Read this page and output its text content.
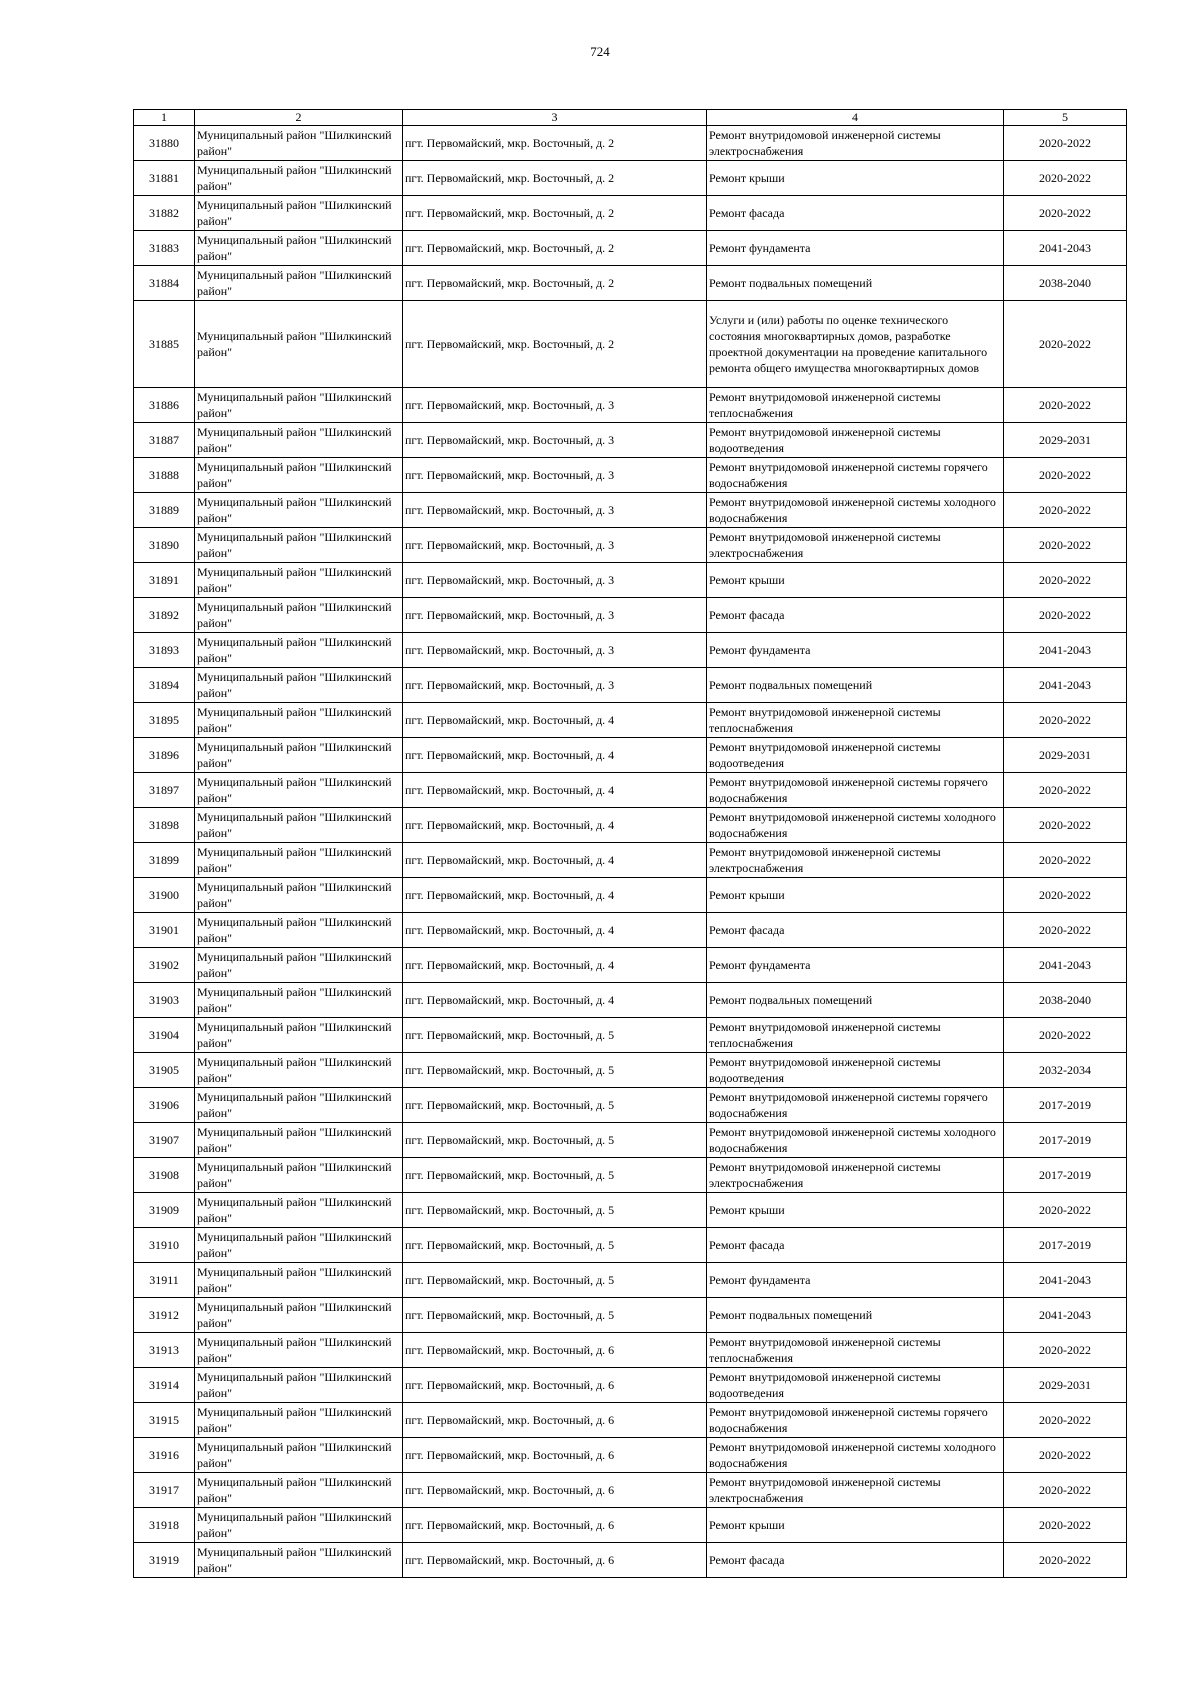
724
1	2	3	4	5
31880	Муниципальный район "Шилкинский район"	пгт. Первомайский, мкр. Восточный, д. 2	Ремонт внутридомовой инженерной системы электроснабжения	2020-2022
31881	Муниципальный район "Шилкинский район"	пгт. Первомайский, мкр. Восточный, д. 2	Ремонт крыши	2020-2022
31882	Муниципальный район "Шилкинский район"	пгт. Первомайский, мкр. Восточный, д. 2	Ремонт фасада	2020-2022
31883	Муниципальный район "Шилкинский район"	пгт. Первомайский, мкр. Восточный, д. 2	Ремонт фундамента	2041-2043
31884	Муниципальный район "Шилкинский район"	пгт. Первомайский, мкр. Восточный, д. 2	Ремонт подвальных помещений	2038-2040
31885	Муниципальный район "Шилкинский район"	пгт. Первомайский, мкр. Восточный, д. 2	Услуги и (или) работы по оценке технического состояния многоквартирных домов, разработке проектной документации на проведение капитального ремонта общего имущества многоквартирных домов	2020-2022
31886	Муниципальный район "Шилкинский район"	пгт. Первомайский, мкр. Восточный, д. 3	Ремонт внутридомовой инженерной системы теплоснабжения	2020-2022
31887	Муниципальный район "Шилкинский район"	пгт. Первомайский, мкр. Восточный, д. 3	Ремонт внутридомовой инженерной системы водоотведения	2029-2031
31888	Муниципальный район "Шилкинский район"	пгт. Первомайский, мкр. Восточный, д. 3	Ремонт внутридомовой инженерной системы горячего водоснабжения	2020-2022
31889	Муниципальный район "Шилкинский район"	пгт. Первомайский, мкр. Восточный, д. 3	Ремонт внутридомовой инженерной системы холодного водоснабжения	2020-2022
31890	Муниципальный район "Шилкинский район"	пгт. Первомайский, мкр. Восточный, д. 3	Ремонт внутридомовой инженерной системы электроснабжения	2020-2022
31891	Муниципальный район "Шилкинский район"	пгт. Первомайский, мкр. Восточный, д. 3	Ремонт крыши	2020-2022
31892	Муниципальный район "Шилкинский район"	пгт. Первомайский, мкр. Восточный, д. 3	Ремонт фасада	2020-2022
31893	Муниципальный район "Шилкинский район"	пгт. Первомайский, мкр. Восточный, д. 3	Ремонт фундамента	2041-2043
31894	Муниципальный район "Шилкинский район"	пгт. Первомайский, мкр. Восточный, д. 3	Ремонт подвальных помещений	2041-2043
31895	Муниципальный район "Шилкинский район"	пгт. Первомайский, мкр. Восточный, д. 4	Ремонт внутридомовой инженерной системы теплоснабжения	2020-2022
31896	Муниципальный район "Шилкинский район"	пгт. Первомайский, мкр. Восточный, д. 4	Ремонт внутридомовой инженерной системы водоотведения	2029-2031
31897	Муниципальный район "Шилкинский район"	пгт. Первомайский, мкр. Восточный, д. 4	Ремонт внутридомовой инженерной системы горячего водоснабжения	2020-2022
31898	Муниципальный район "Шилкинский район"	пгт. Первомайский, мкр. Восточный, д. 4	Ремонт внутридомовой инженерной системы холодного водоснабжения	2020-2022
31899	Муниципальный район "Шилкинский район"	пгт. Первомайский, мкр. Восточный, д. 4	Ремонт внутридомовой инженерной системы электроснабжения	2020-2022
31900	Муниципальный район "Шилкинский район"	пгт. Первомайский, мкр. Восточный, д. 4	Ремонт крыши	2020-2022
31901	Муниципальный район "Шилкинский район"	пгт. Первомайский, мкр. Восточный, д. 4	Ремонт фасада	2020-2022
31902	Муниципальный район "Шилкинский район"	пгт. Первомайский, мкр. Восточный, д. 4	Ремонт фундамента	2041-2043
31903	Муниципальный район "Шилкинский район"	пгт. Первомайский, мкр. Восточный, д. 4	Ремонт подвальных помещений	2038-2040
31904	Муниципальный район "Шилкинский район"	пгт. Первомайский, мкр. Восточный, д. 5	Ремонт внутридомовой инженерной системы теплоснабжения	2020-2022
31905	Муниципальный район "Шилкинский район"	пгт. Первомайский, мкр. Восточный, д. 5	Ремонт внутридомовой инженерной системы водоотведения	2032-2034
31906	Муниципальный район "Шилкинский район"	пгт. Первомайский, мкр. Восточный, д. 5	Ремонт внутридомовой инженерной системы горячего водоснабжения	2017-2019
31907	Муниципальный район "Шилкинский район"	пгт. Первомайский, мкр. Восточный, д. 5	Ремонт внутридомовой инженерной системы холодного водоснабжения	2017-2019
31908	Муниципальный район "Шилкинский район"	пгт. Первомайский, мкр. Восточный, д. 5	Ремонт внутридомовой инженерной системы электроснабжения	2017-2019
31909	Муниципальный район "Шилкинский район"	пгт. Первомайский, мкр. Восточный, д. 5	Ремонт крыши	2020-2022
31910	Муниципальный район "Шилкинский район"	пгт. Первомайский, мкр. Восточный, д. 5	Ремонт фасада	2017-2019
31911	Муниципальный район "Шилкинский район"	пгт. Первомайский, мкр. Восточный, д. 5	Ремонт фундамента	2041-2043
31912	Муниципальный район "Шилкинский район"	пгт. Первомайский, мкр. Восточный, д. 5	Ремонт подвальных помещений	2041-2043
31913	Муниципальный район "Шилкинский район"	пгт. Первомайский, мкр. Восточный, д. 6	Ремонт внутридомовой инженерной системы теплоснабжения	2020-2022
31914	Муниципальный район "Шилкинский район"	пгт. Первомайский, мкр. Восточный, д. 6	Ремонт внутридомовой инженерной системы водоотведения	2029-2031
31915	Муниципальный район "Шилкинский район"	пгт. Первомайский, мкр. Восточный, д. 6	Ремонт внутридомовой инженерной системы горячего водоснабжения	2020-2022
31916	Муниципальный район "Шилкинский район"	пгт. Первомайский, мкр. Восточный, д. 6	Ремонт внутридомовой инженерной системы холодного водоснабжения	2020-2022
31917	Муниципальный район "Шилкинский район"	пгт. Первомайский, мкр. Восточный, д. 6	Ремонт внутридомовой инженерной системы электроснабжения	2020-2022
31918	Муниципальный район "Шилкинский район"	пгт. Первомайский, мкр. Восточный, д. 6	Ремонт крыши	2020-2022
31919	Муниципальный район "Шилкинский район"	пгт. Первомайский, мкр. Восточный, д. 6	Ремонт фасада	2020-2022
